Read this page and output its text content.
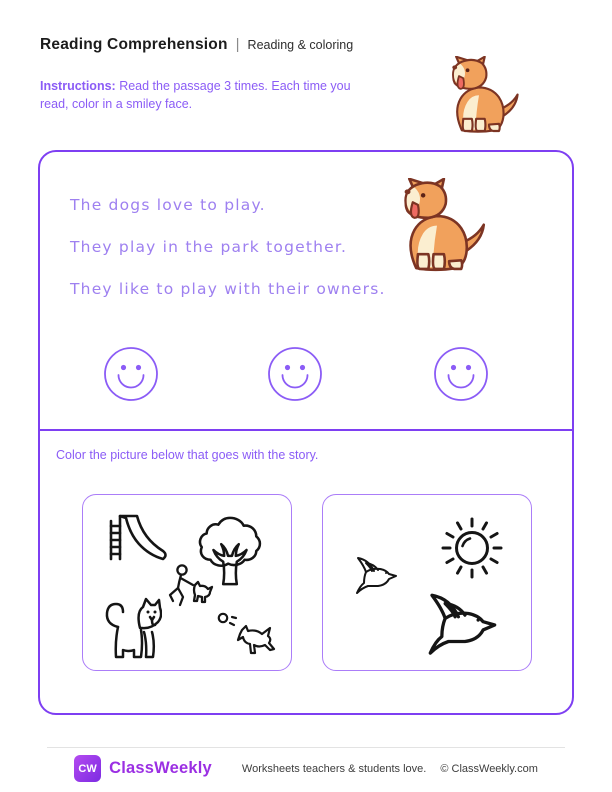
Reading Comprehension | Reading & coloring
Instructions: Read the passage 3 times. Each time you read, color in a smiley face.

The dogs love to play.

They play in the park together.

They like to play with their owners.

Color the picture below that goes with the story.
CW ClassWeekly	Worksheets teachers & students love. © ClassWeekly.com
